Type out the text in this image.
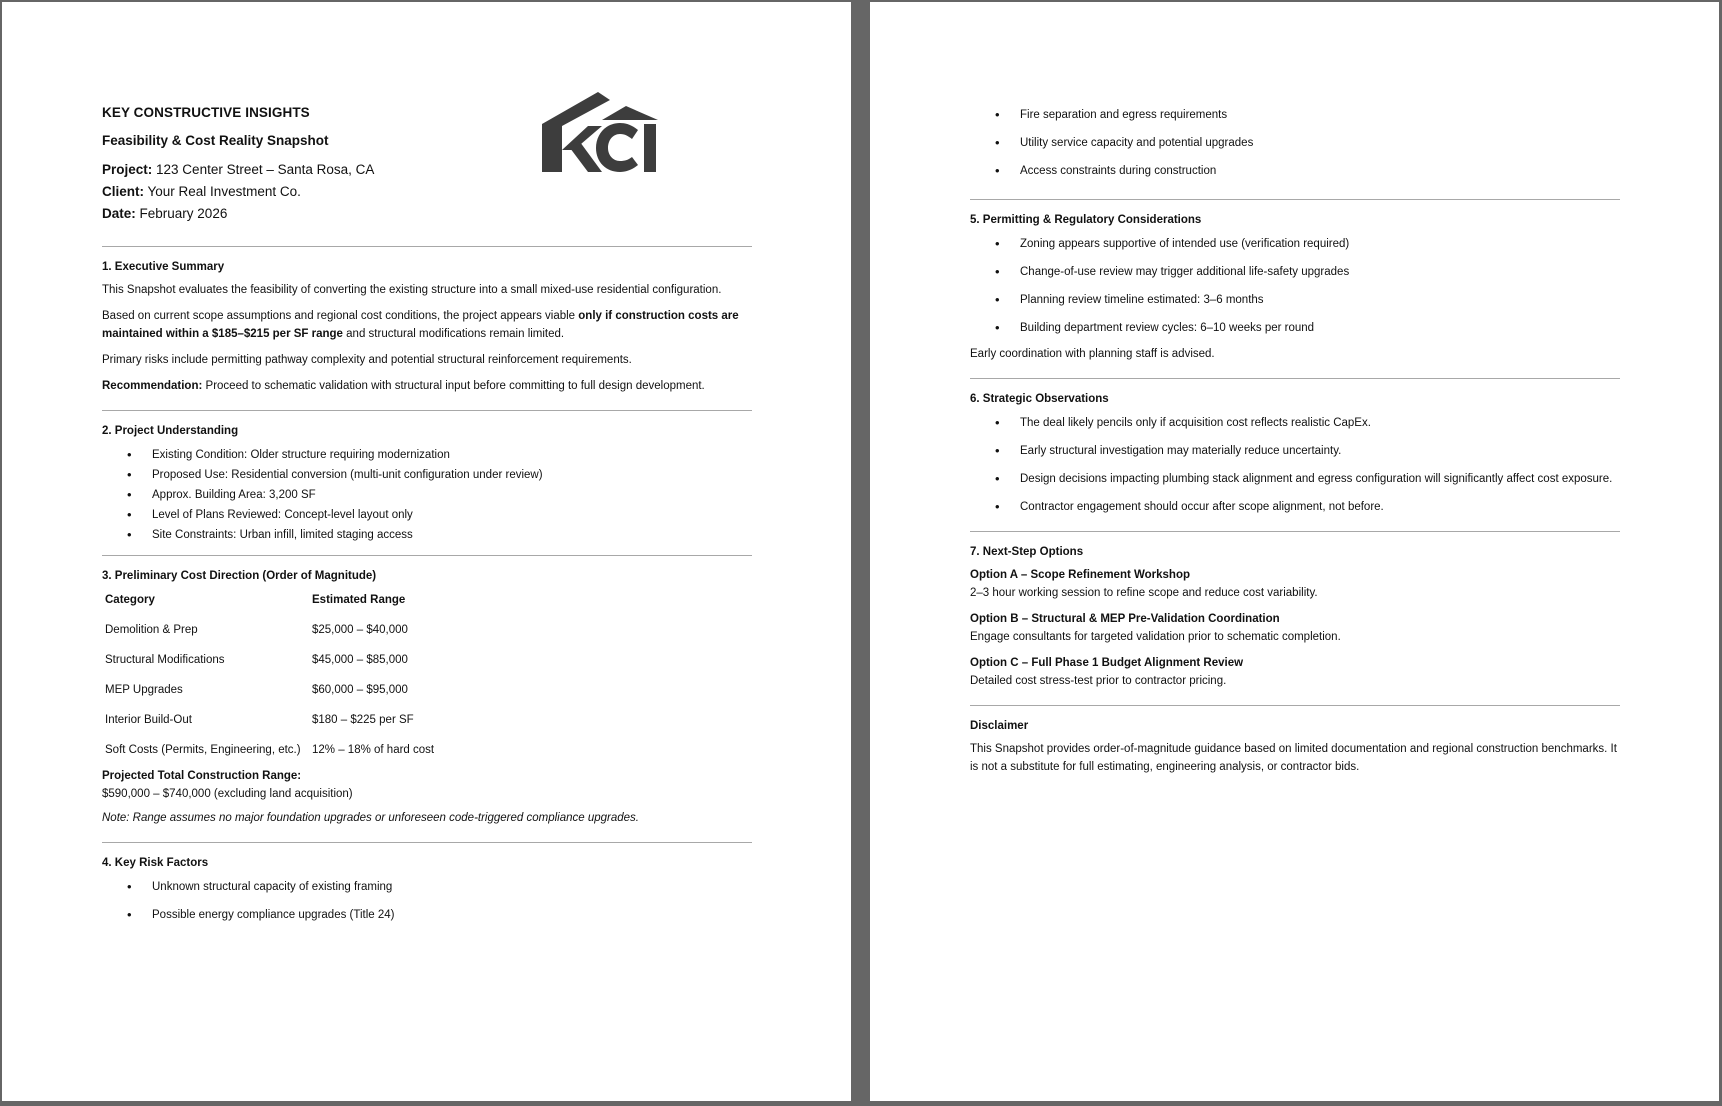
KEY CONSTRUCTIVE INSIGHTS
Feasibility & Cost Reality Snapshot
Project: 123 Center Street – Santa Rosa, CA
Client: Your Real Investment Co.
Date: February 2026
1. Executive Summary

This Snapshot evaluates the feasibility of converting the existing structure into a small mixed-use residential configuration.

Based on current scope assumptions and regional cost conditions, the project appears viable only if construction costs are maintained within a $185–$215 per SF range and structural modifications remain limited.

Primary risks include permitting pathway complexity and potential structural reinforcement requirements.

Recommendation: Proceed to schematic validation with structural input before committing to full design development.

2. Project Understanding
• Existing Condition: Older structure requiring modernization
• Proposed Use: Residential conversion (multi-unit configuration under review)
• Approx. Building Area: 3,200 SF
• Level of Plans Reviewed: Concept-level layout only
• Site Constraints: Urban infill, limited staging access
3. Preliminary Cost Direction (Order of Magnitude)
Category	Estimated Range
Demolition & Prep	$25,000 – $40,000
Structural Modifications	$45,000 – $85,000
MEP Upgrades	$60,000 – $95,000
Interior Build-Out	$180 – $225 per SF
Soft Costs (Permits, Engineering, etc.)	12% – 18% of hard cost

Projected Total Construction Range:

$590,000 – $740,000 (excluding land acquisition)

Note: Range assumes no major foundation upgrades or unforeseen code-triggered compliance upgrades.

4. Key Risk Factors
• Unknown structural capacity of existing framing
• Possible energy compliance upgrades (Title 24)
• Fire separation and egress requirements
• Utility service capacity and potential upgrades
• Access constraints during construction
5. Permitting & Regulatory Considerations
• Zoning appears supportive of intended use (verification required)
• Change-of-use review may trigger additional life-safety upgrades
• Planning review timeline estimated: 3–6 months
• Building department review cycles: 6–10 weeks per round

Early coordination with planning staff is advised.

6. Strategic Observations
• The deal likely pencils only if acquisition cost reflects realistic CapEx.
• Early structural investigation may materially reduce uncertainty.
• Design decisions impacting plumbing stack alignment and egress configuration will significantly affect cost exposure.
• Contractor engagement should occur after scope alignment, not before.
7. Next-Step Options

Option A – Scope Refinement Workshop

2–3 hour working session to refine scope and reduce cost variability.

Option B – Structural & MEP Pre-Validation Coordination

Engage consultants for targeted validation prior to schematic completion.

Option C – Full Phase 1 Budget Alignment Review

Detailed cost stress-test prior to contractor pricing.

Disclaimer

This Snapshot provides order-of-magnitude guidance based on limited documentation and regional construction benchmarks. It is not a substitute for full estimating, engineering analysis, or contractor bids.
